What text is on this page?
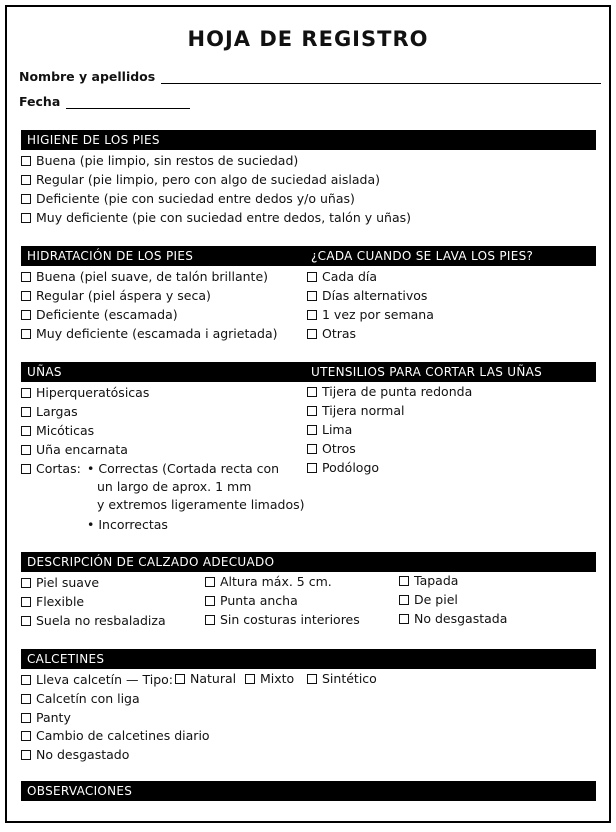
HOJA DE REGISTRO
Nombre y apellidos
Fecha
HIGIENE DE LOS PIES
Buena (pie limpio, sin restos de suciedad)
Regular (pie limpio, pero con algo de suciedad aislada)
Deficiente (pie con suciedad entre dedos y/o uñas)
Muy deficiente (pie con suciedad entre dedos, talón y uñas)
HIDRATACIÓN DE LOS PIES	¿CADA CUANDO SE LAVA LOS PIES?
Buena (piel suave, de talón brillante)
Regular (piel áspera y seca)
Deficiente (escamada)
Muy deficiente (escamada i agrietada)
Cada día
Días alternativos
1 vez por semana
Otras
UÑAS	UTENSILIOS PARA CORTAR LAS UÑAS
Hiperqueratósicas
Largas
Micóticas
Uña encarnata
Cortas: • Correctas (Cortada recta con
un largo de aprox. 1 mm
y extremos ligeramente limados)
• Incorrectas
Tijera de punta redonda
Tijera normal
Lima
Otros
Podólogo
DESCRIPCIÓN DE CALZADO ADECUADO
Piel suave
Flexible
Suela no resbaladiza
Altura máx. 5 cm.
Punta ancha
Sin costuras interiores
Tapada
De piel
No desgastada
CALCETINES
Lleva calcetín — Tipo: Natural Mixto Sintético
Calcetín con liga
Panty
Cambio de calcetines diario
No desgastado
OBSERVACIONES
